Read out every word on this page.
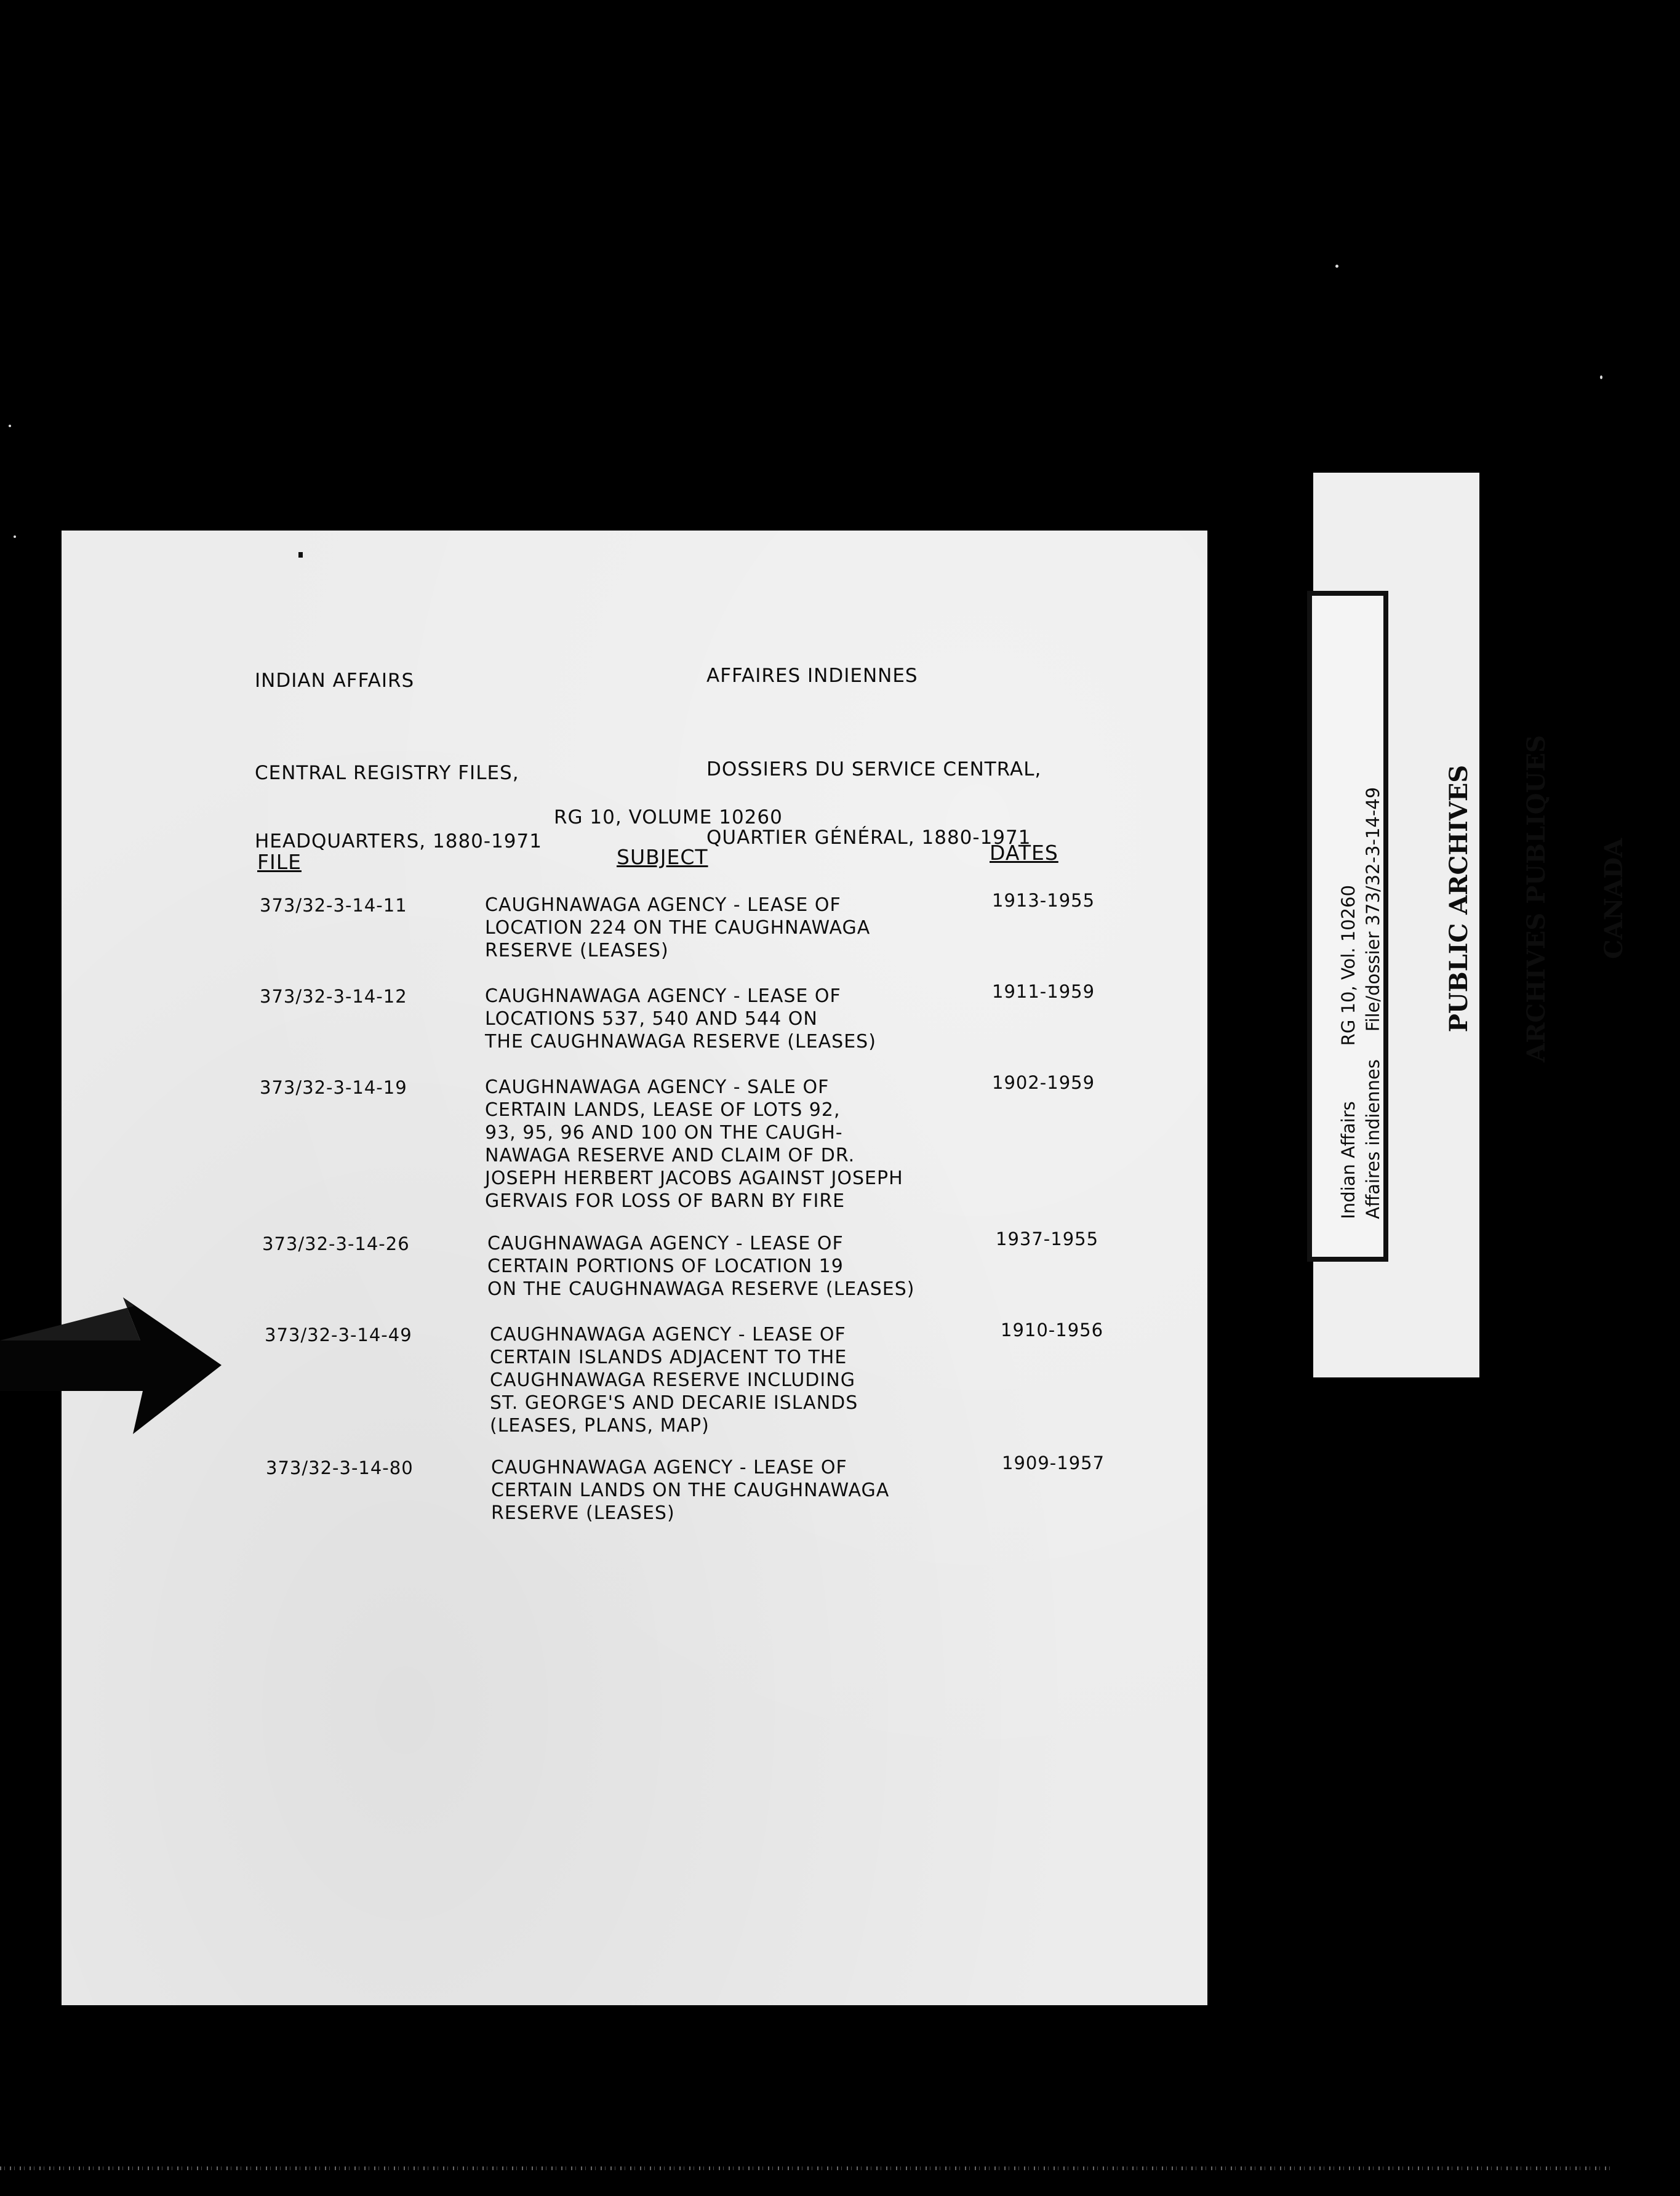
INDIAN AFFAIRS	AFFAIRES INDIENNES

CENTRAL REGISTRY FILES,

HEADQUARTERS, 1880-1971

DOSSIERS DU SERVICE CENTRAL,

QUARTIER GÉNÉRAL, 1880-1971

RG 10, VOLUME 10260
FILE	SUBJECT	DATES
373/32-3-14-11	CAUGHNAWAGA AGENCY - LEASE OF
LOCATION 224 ON THE CAUGHNAWAGA
RESERVE (LEASES)
1913-1955
373/32-3-14-12	CAUGHNAWAGA AGENCY - LEASE OF
LOCATIONS 537, 540 AND 544 ON
THE CAUGHNAWAGA RESERVE (LEASES)
1911-1959
373/32-3-14-19	CAUGHNAWAGA AGENCY - SALE OF
CERTAIN LANDS, LEASE OF LOTS 92,
93, 95, 96 AND 100 ON THE CAUGH-
NAWAGA RESERVE AND CLAIM OF DR.
JOSEPH HERBERT JACOBS AGAINST JOSEPH
GERVAIS FOR LOSS OF BARN BY FIRE
1902-1959
373/32-3-14-26	CAUGHNAWAGA AGENCY - LEASE OF
CERTAIN PORTIONS OF LOCATION 19
ON THE CAUGHNAWAGA RESERVE (LEASES)
1937-1955
373/32-3-14-49	CAUGHNAWAGA AGENCY - LEASE OF
CERTAIN ISLANDS ADJACENT TO THE
CAUGHNAWAGA RESERVE INCLUDING
ST. GEORGE'S AND DECARIE ISLANDS
(LEASES, PLANS, MAP)
1910-1956
373/32-3-14-80	CAUGHNAWAGA AGENCY - LEASE OF
CERTAIN LANDS ON THE CAUGHNAWAGA
RESERVE (LEASES)
1909-1957

Indian AffairsRG 10, Vol. 10260

Affaires indiennesFile/dossier 373/32-3-14-49

	PUBLIC ARCHIVES

ARCHIVES PUBLIQUES

CANADA
